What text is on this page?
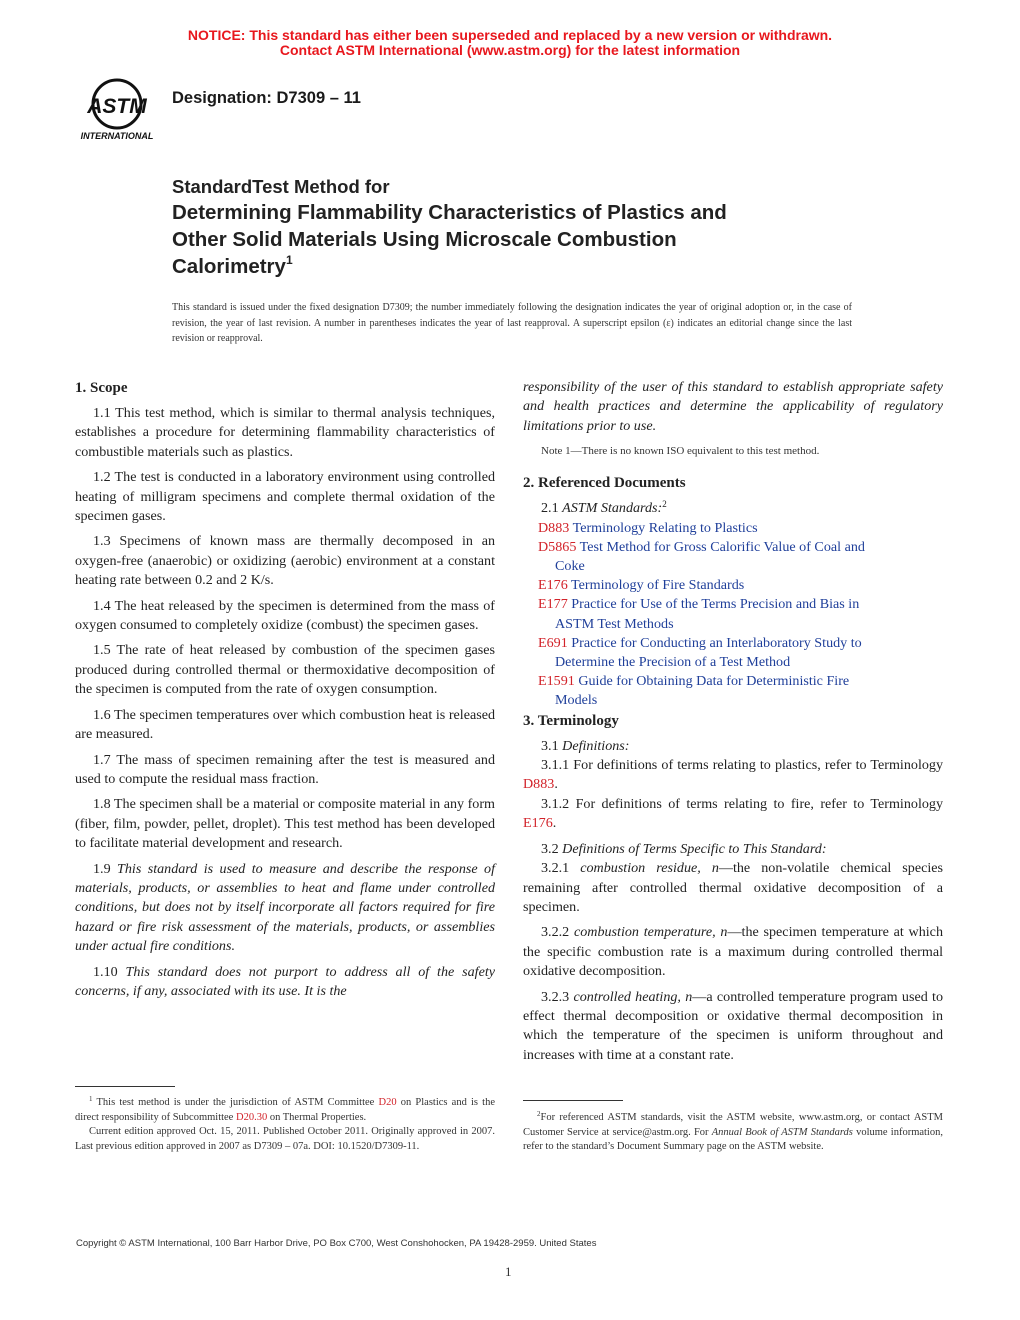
NOTICE: This standard has either been superseded and replaced by a new version or withdrawn.
Contact ASTM International (www.astm.org) for the latest information
ASTM
INTERNATIONAL
Designation: D7309 – 11
StandardTest Method for
Determining Flammability Characteristics of Plastics and
Other Solid Materials Using Microscale Combustion
Calorimetry$^1$
This standard is issued under the fixed designation D7309; the number immediately following the designation indicates the year of original adoption or, in the case of revision, the year of last revision. A number in parentheses indicates the year of last reapproval. A superscript epsilon (ε) indicates an editorial change since the last revision or reapproval.
1. Scope

1.1 This test method, which is similar to thermal analysis techniques, establishes a procedure for determining flammability characteristics of combustible materials such as plastics.

1.2 The test is conducted in a laboratory environment using controlled heating of milligram specimens and complete thermal oxidation of the specimen gases.

1.3 Specimens of known mass are thermally decomposed in an oxygen-free (anaerobic) or oxidizing (aerobic) environment at a constant heating rate between 0.2 and 2 K/s.

1.4 The heat released by the specimen is determined from the mass of oxygen consumed to completely oxidize (combust) the specimen gases.

1.5 The rate of heat released by combustion of the specimen gases produced during controlled thermal or thermoxidative decomposition of the specimen is computed from the rate of oxygen consumption.

1.6 The specimen temperatures over which combustion heat is released are measured.

1.7 The mass of specimen remaining after the test is measured and used to compute the residual mass fraction.

1.8 The specimen shall be a material or composite material in any form (fiber, film, powder, pellet, droplet). This test method has been developed to facilitate material development and research.

1.9 This standard is used to measure and describe the response of materials, products, or assemblies to heat and flame under controlled conditions, but does not by itself incorporate all factors required for fire hazard or fire risk assessment of the materials, products, or assemblies under actual fire conditions.

1.10 This standard does not purport to address all of the safety concerns, if any, associated with its use. It is the

responsibility of the user of this standard to establish appropriate safety and health practices and determine the applicability of regulatory limitations prior to use.

Note 1—There is no known ISO equivalent to this test method.
2. Referenced Documents

2.1 ASTM Standards:$^2$

D883 Terminology Relating to Plastics
D5865 Test Method for Gross Calorific Value of Coal and
Coke
E176 Terminology of Fire Standards
E177 Practice for Use of the Terms Precision and Bias in
ASTM Test Methods
E691 Practice for Conducting an Interlaboratory Study to
Determine the Precision of a Test Method
E1591 Guide for Obtaining Data for Deterministic Fire
Models
3. Terminology

3.1 Definitions:

3.1.1 For definitions of terms relating to plastics, refer to Terminology D883.

3.1.2 For definitions of terms relating to fire, refer to Terminology E176.

3.2 Definitions of Terms Specific to This Standard:

3.2.1 combustion residue, n—the non-volatile chemical species remaining after controlled thermal oxidative decomposition of a specimen.

3.2.2 combustion temperature, n—the specimen temperature at which the specific combustion rate is a maximum during controlled thermal oxidative decomposition.

3.2.3 controlled heating, n—a controlled temperature program used to effect thermal decomposition or oxidative thermal decomposition in which the temperature of the specimen is uniform throughout and increases with time at a constant rate.

$^1$ This test method is under the jurisdiction of ASTM Committee D20 on Plastics and is the direct responsibility of Subcommittee D20.30 on Thermal Properties.
Current edition approved Oct. 15, 2011. Published October 2011. Originally approved in 2007. Last previous edition approved in 2007 as D7309 – 07a. DOI: 10.1520/D7309-11.
$^2$For referenced ASTM standards, visit the ASTM website, www.astm.org, or contact ASTM Customer Service at service@astm.org. For Annual Book of ASTM Standards volume information, refer to the standard’s Document Summary page on the ASTM website.
Copyright © ASTM International, 100 Barr Harbor Drive, PO Box C700, West Conshohocken, PA 19428-2959. United States
1
